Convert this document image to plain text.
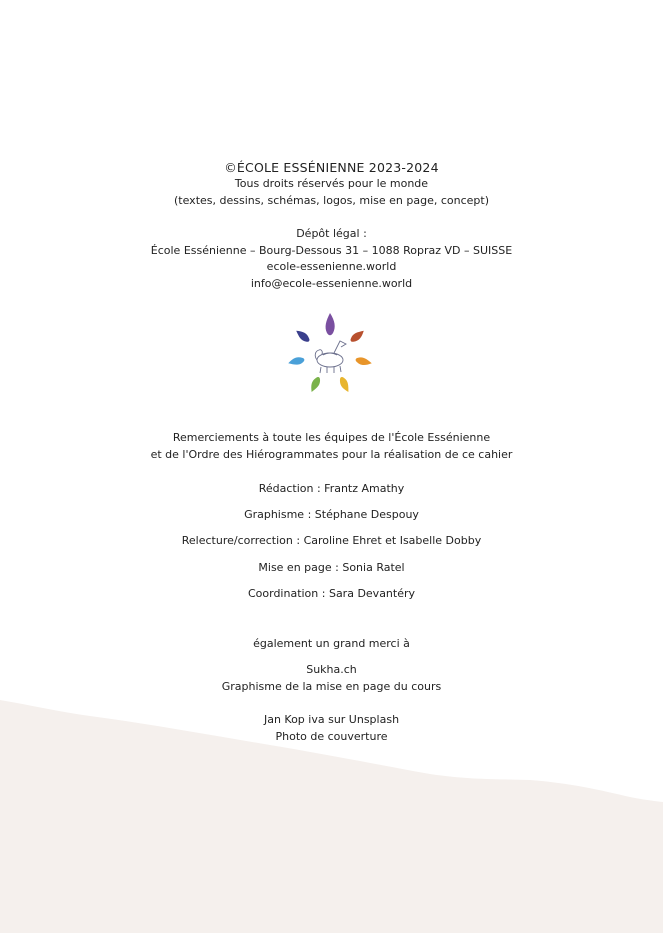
©ÉCOLE ESSÉNIENNE 2023-2024
Tous droits réservés pour le monde
(textes, dessins, schémas, logos, mise en page, concept)
Dépôt légal :
École Essénienne – Bourg-Dessous 31 – 1088 Ropraz VD – SUISSE
ecole-essenienne.world
info@ecole-essenienne.world
Remerciements à toute les équipes de l'École Essénienne
et de l'Ordre des Hiérogrammates pour la réalisation de ce cahier
Rédaction : Frantz Amathy
Graphisme : Stéphane Despouy
Relecture/correction : Caroline Ehret et Isabelle Dobby
Mise en page : Sonia Ratel
Coordination : Sara Devantéry
également un grand merci à
Sukha.ch
Graphisme de la mise en page du cours
Jan Kop iva sur Unsplash
Photo de couverture
